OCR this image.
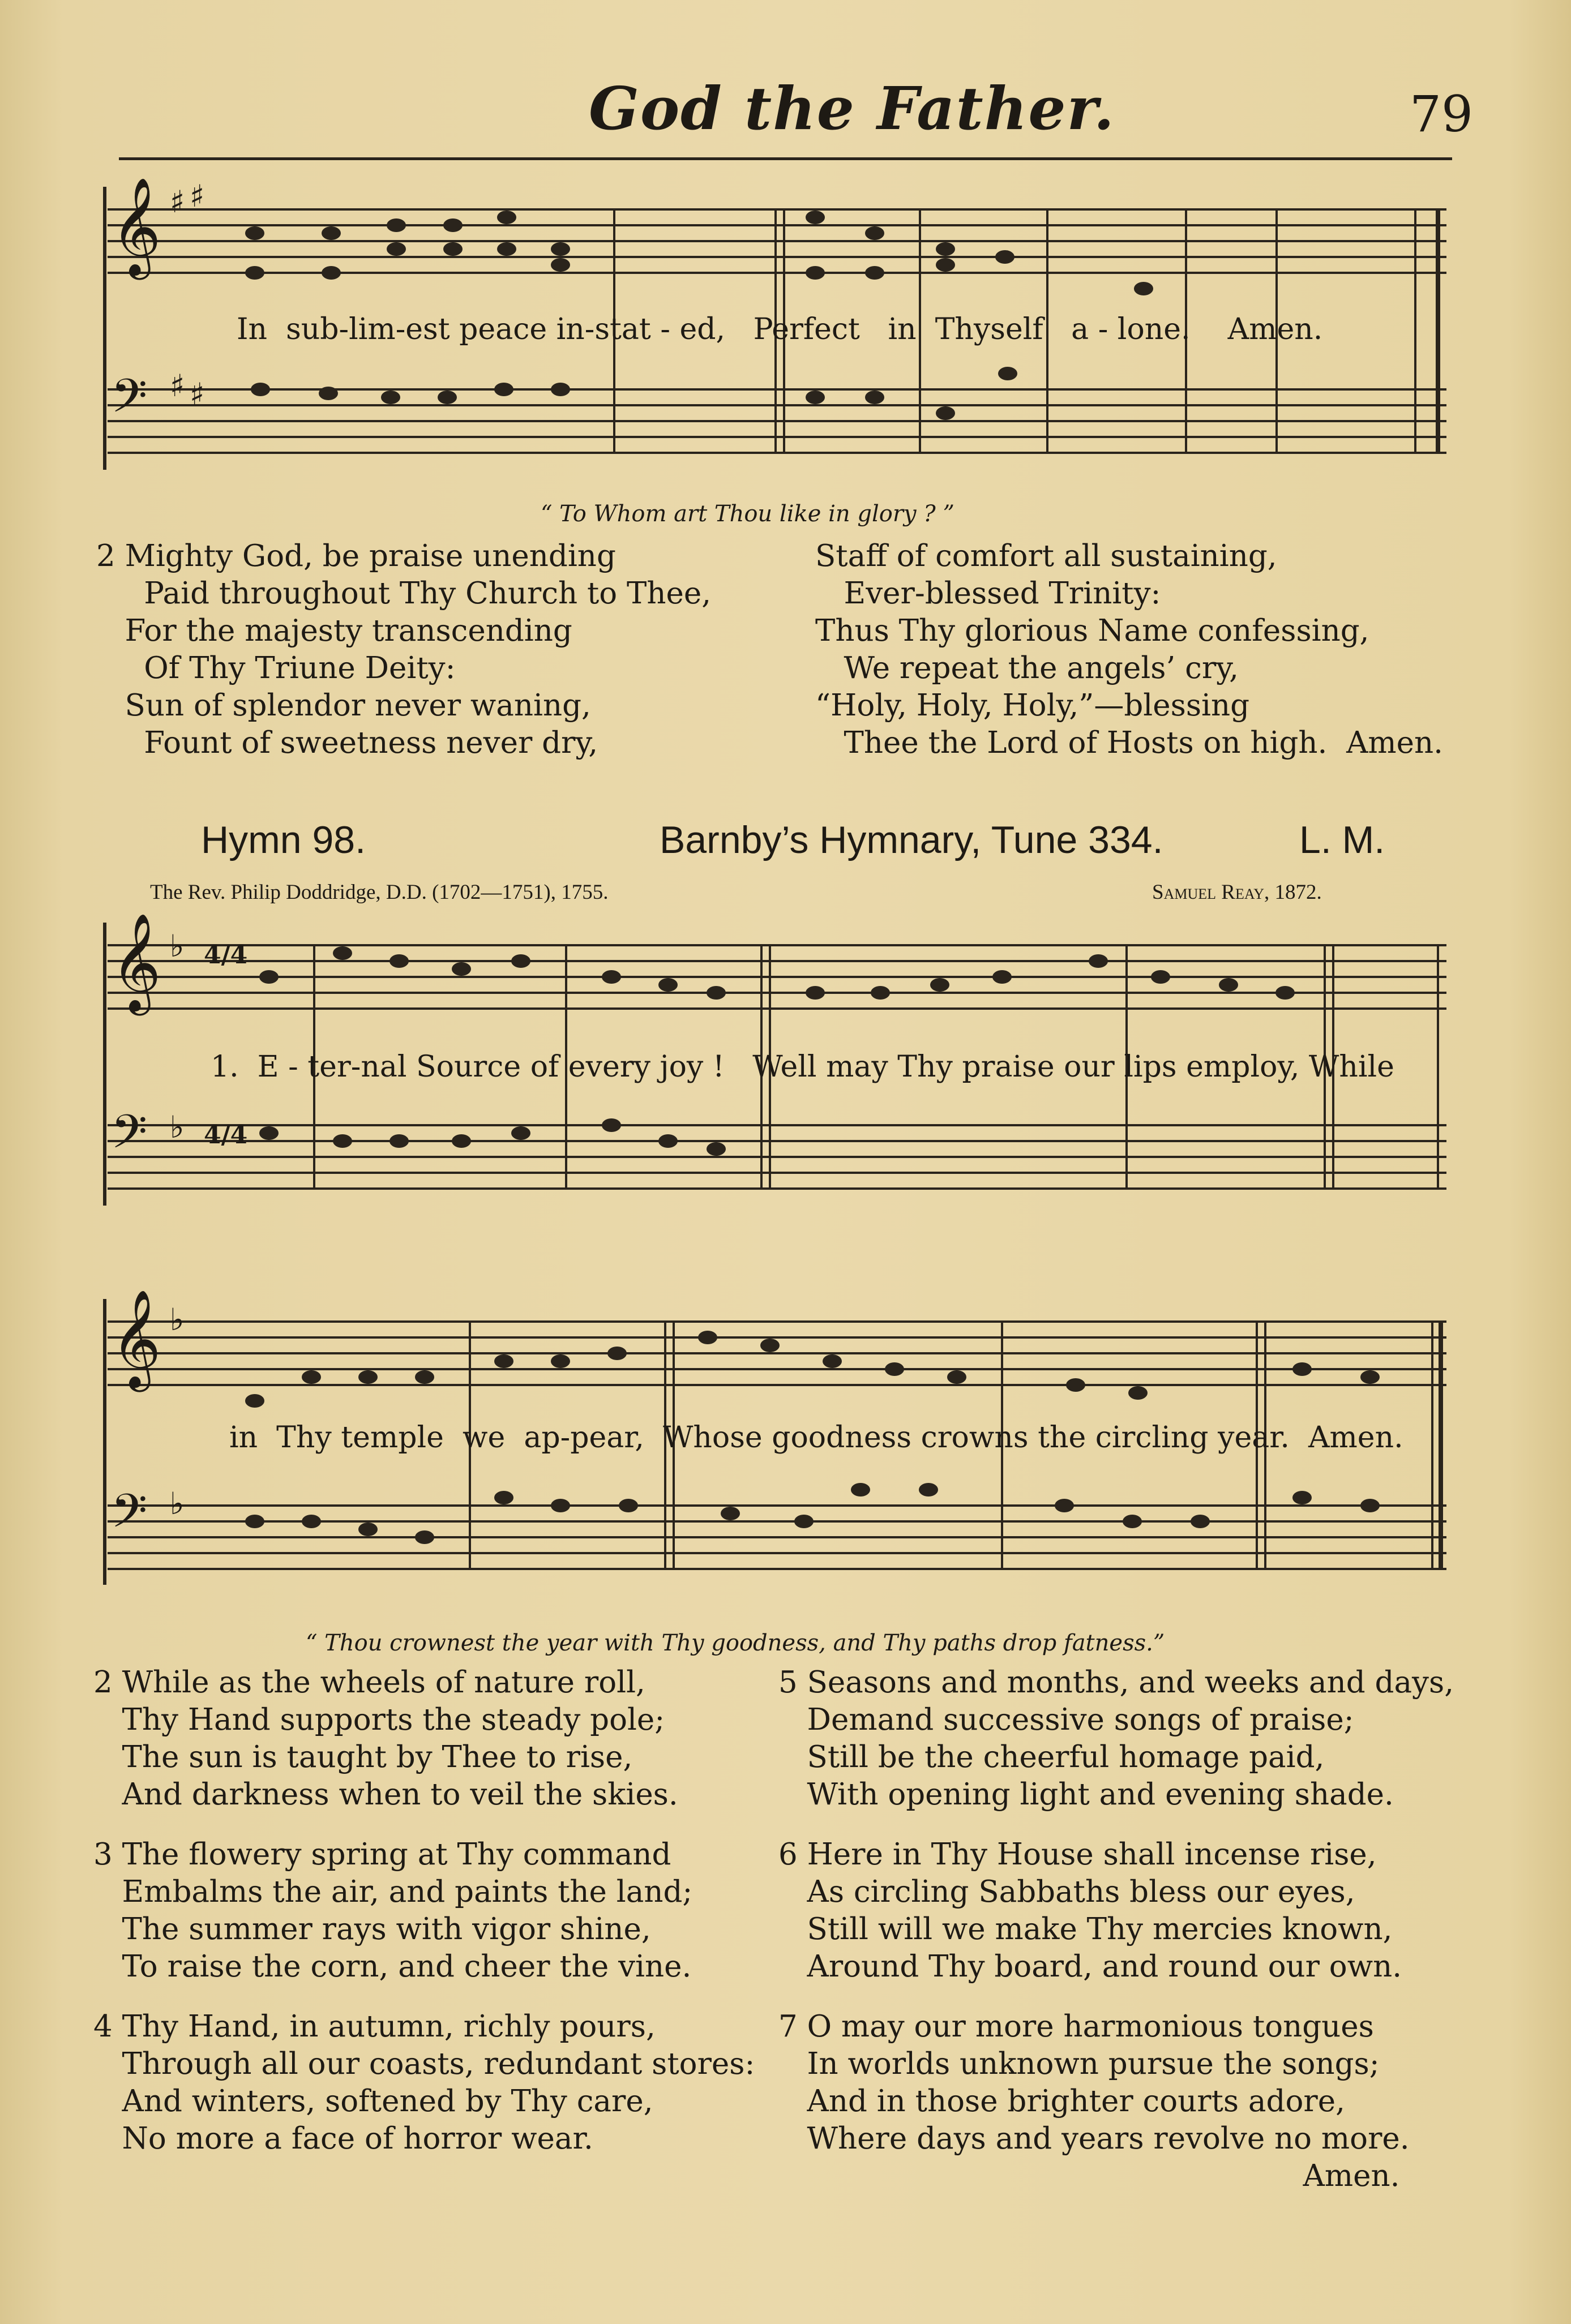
God the Father.	79
𝄞
𝄢
𝄞
𝄢
𝄞
𝄢
♯ ♯
♯ ♯
♭
♭
♭
♭
4/4
4/4
In  sub-lim-est peace in-stat - ed,   Perfect   in  Thyself   a - lone.    Amen.
“ To Whom art Thou like in glory ? ”
2 Mighty God, be praise unending
Paid throughout Thy Church to Thee,
For the majesty transcending
Of Thy Triune Deity:
Sun of splendor never waning,
Fount of sweetness never dry,
Staff of comfort all sustaining,
Ever-blessed Trinity:
Thus Thy glorious Name confessing,
We repeat the angels’ cry,
“Holy, Holy, Holy,”—blessing
Thee the Lord of Hosts on high.  Amen.
Hymn 98.	Barnby’s Hymnary, Tune 334.	L. M.
The Rev. Philip Doddridge, D.D. (1702—1751), 1755.	Samuel Reay, 1872.
1.  E - ter-nal Source of every joy !   Well may Thy praise our lips employ, While
in  Thy temple  we  ap-pear,  Whose goodness crowns the circling year.  Amen.
“ Thou crownest the year with Thy goodness, and Thy paths drop fatness.”
2 While as the wheels of nature roll,
Thy Hand supports the steady pole;
The sun is taught by Thee to rise,
And darkness when to veil the skies.
3 The flowery spring at Thy command
Embalms the air, and paints the land;
The summer rays with vigor shine,
To raise the corn, and cheer the vine.
4 Thy Hand, in autumn, richly pours,
Through all our coasts, redundant stores:
And winters, softened by Thy care,
No more a face of horror wear.
5 Seasons and months, and weeks and days,
Demand successive songs of praise;
Still be the cheerful homage paid,
With opening light and evening shade.
6 Here in Thy House shall incense rise,
As circling Sabbaths bless our eyes,
Still will we make Thy mercies known,
Around Thy board, and round our own.
7 O may our more harmonious tongues
In worlds unknown pursue the songs;
And in those brighter courts adore,
Where days and years revolve no more.
Amen.
